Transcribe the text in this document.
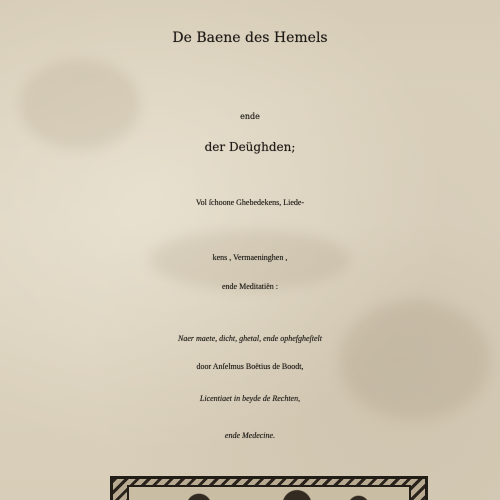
De Baene des Hemels
ende
der Deüghden;
Vol ſchoone Ghebedekens, Liede-
kens , Vermaeninghen ,
ende Meditatiën :
Naer maete, dicht, ghetal, ende ophefgheſtelt
door Anſelmus Boëtius de Boodt,
Licentiaet in beyde de Rechten,
ende Medecine.
